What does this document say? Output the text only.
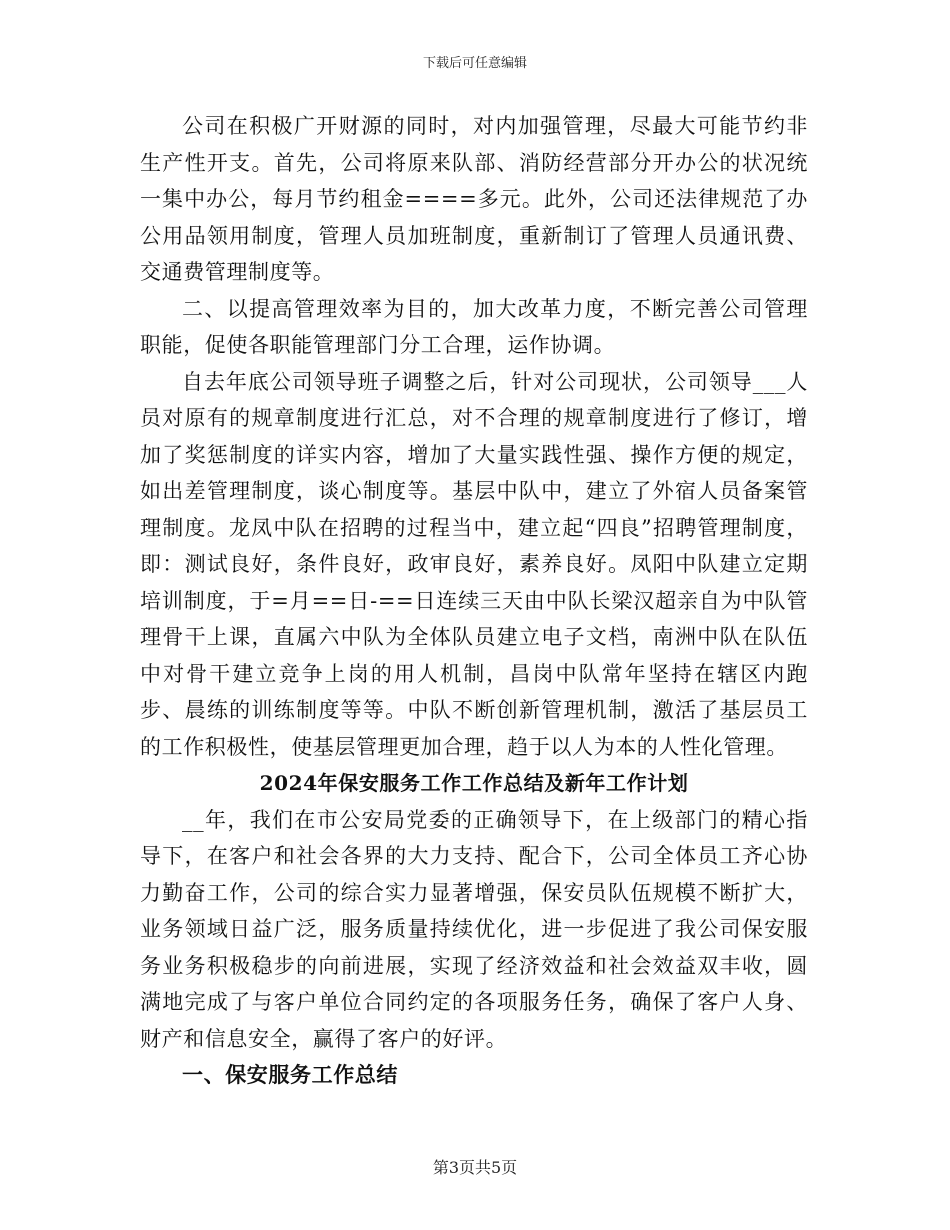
下载后可任意编辑

公司在积极广开财源的同时，对内加强管理，尽最大可能节约非生产性开支。首先，公司将原来队部、消防经营部分开办公的状况统一集中办公，每月节约租金====多元。此外，公司还法律规范了办公用品领用制度，管理人员加班制度，重新制订了管理人员通讯费、交通费管理制度等。

二、以提高管理效率为目的，加大改革力度，不断完善公司管理职能，促使各职能管理部门分工合理，运作协调。

自去年底公司领导班子调整之后，针对公司现状，公司领导___人员对原有的规章制度进行汇总，对不合理的规章制度进行了修订，增加了奖惩制度的详实内容，增加了大量实践性强、操作方便的规定，如出差管理制度，谈心制度等。基层中队中，建立了外宿人员备案管理制度。龙凤中队在招聘的过程当中，建立起“四良”招聘管理制度，即：测试良好，条件良好，政审良好，素养良好。凤阳中队建立定期培训制度，于=月==日-==日连续三天由中队长梁汉超亲自为中队管理骨干上课，直属六中队为全体队员建立电子文档，南洲中队在队伍中对骨干建立竞争上岗的用人机制，昌岗中队常年坚持在辖区内跑步、晨练的训练制度等等。中队不断创新管理机制，激活了基层员工的工作积极性，使基层管理更加合理，趋于以人为本的人性化管理。

2024年保安服务工作工作总结及新年工作计划

__年，我们在市公安局党委的正确领导下，在上级部门的精心指导下，在客户和社会各界的大力支持、配合下，公司全体员工齐心协力勤奋工作，公司的综合实力显著增强，保安员队伍规模不断扩大，业务领域日益广泛，服务质量持续优化，进一步促进了我公司保安服务业务积极稳步的向前进展，实现了经济效益和社会效益双丰收，圆满地完成了与客户单位合同约定的各项服务任务，确保了客户人身、财产和信息安全，赢得了客户的好评。

一、保安服务工作总结

第3页共5页
